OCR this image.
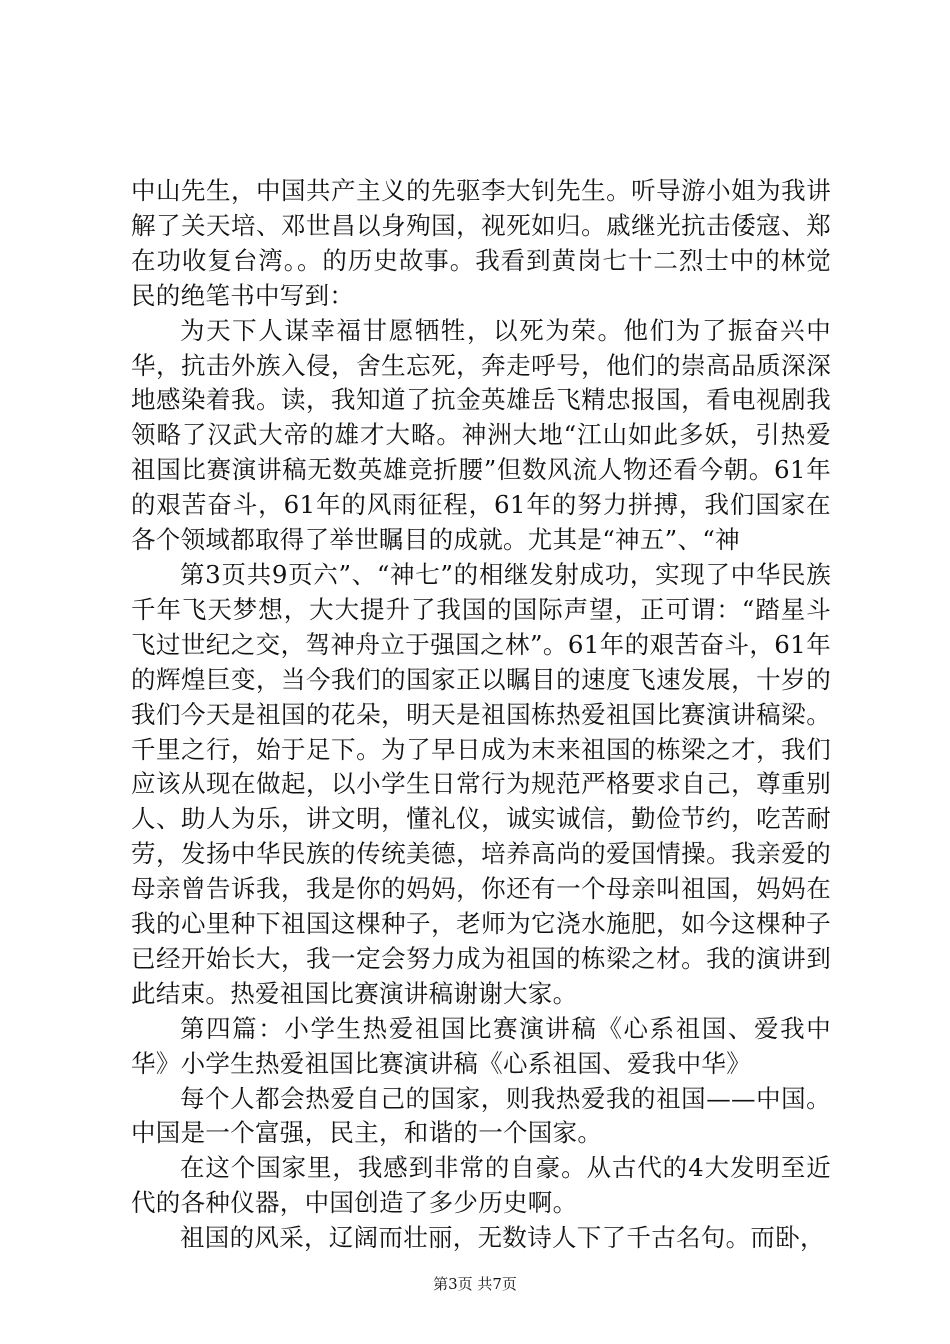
中山先生，中国共产主义的先驱李大钊先生。听导游小姐为我讲解了关天培、邓世昌以身殉国，视死如归。戚继光抗击倭寇、郑在功收复台湾。。的历史故事。我看到黄岗七十二烈士中的林觉民的绝笔书中写到：

为天下人谋幸福甘愿牺牲，以死为荣。他们为了振奋兴中华，抗击外族入侵，舍生忘死，奔走呼号，他们的崇高品质深深地感染着我。读，我知道了抗金英雄岳飞精忠报国，看电视剧我领略了汉武大帝的雄才大略。神洲大地“江山如此多妖，引热爱祖国比赛演讲稿无数英雄竞折腰”但数风流人物还看今朝。61年的艰苦奋斗，61年的风雨征程，61年的努力拼搏，我们国家在各个领域都取得了举世瞩目的成就。尤其是“神五”、“神

第3页共9页六”、“神七”的相继发射成功，实现了中华民族千年飞天梦想，大大提升了我国的国际声望，正可谓：“踏星斗飞过世纪之交，驾神舟立于强国之林”。61年的艰苦奋斗，61年的辉煌巨变，当今我们的国家正以瞩目的速度飞速发展，十岁的我们今天是祖国的花朵，明天是祖国栋热爱祖国比赛演讲稿梁。千里之行，始于足下。为了早日成为末来祖国的栋梁之才，我们应该从现在做起，以小学生日常行为规范严格要求自己，尊重别人、助人为乐，讲文明，懂礼仪，诚实诚信，勤俭节约，吃苦耐劳，发扬中华民族的传统美德，培养高尚的爱国情操。我亲爱的母亲曾告诉我，我是你的妈妈，你还有一个母亲叫祖国，妈妈在我的心里种下祖国这棵种子，老师为它浇水施肥，如今这棵种子已经开始长大，我一定会努力成为祖国的栋梁之材。我的演讲到此结束。热爱祖国比赛演讲稿谢谢大家。

第四篇：小学生热爱祖国比赛演讲稿《心系祖国、爱我中华》小学生热爱祖国比赛演讲稿《心系祖国、爱我中华》

每个人都会热爱自己的国家，则我热爱我的祖国——中国。中国是一个富强，民主，和谐的一个国家。

在这个国家里，我感到非常的自豪。从古代的4大发明至近代的各种仪器，中国创造了多少历史啊。

祖国的风采，辽阔而壮丽，无数诗人下了千古名句。而卧，

第3页 共7页
